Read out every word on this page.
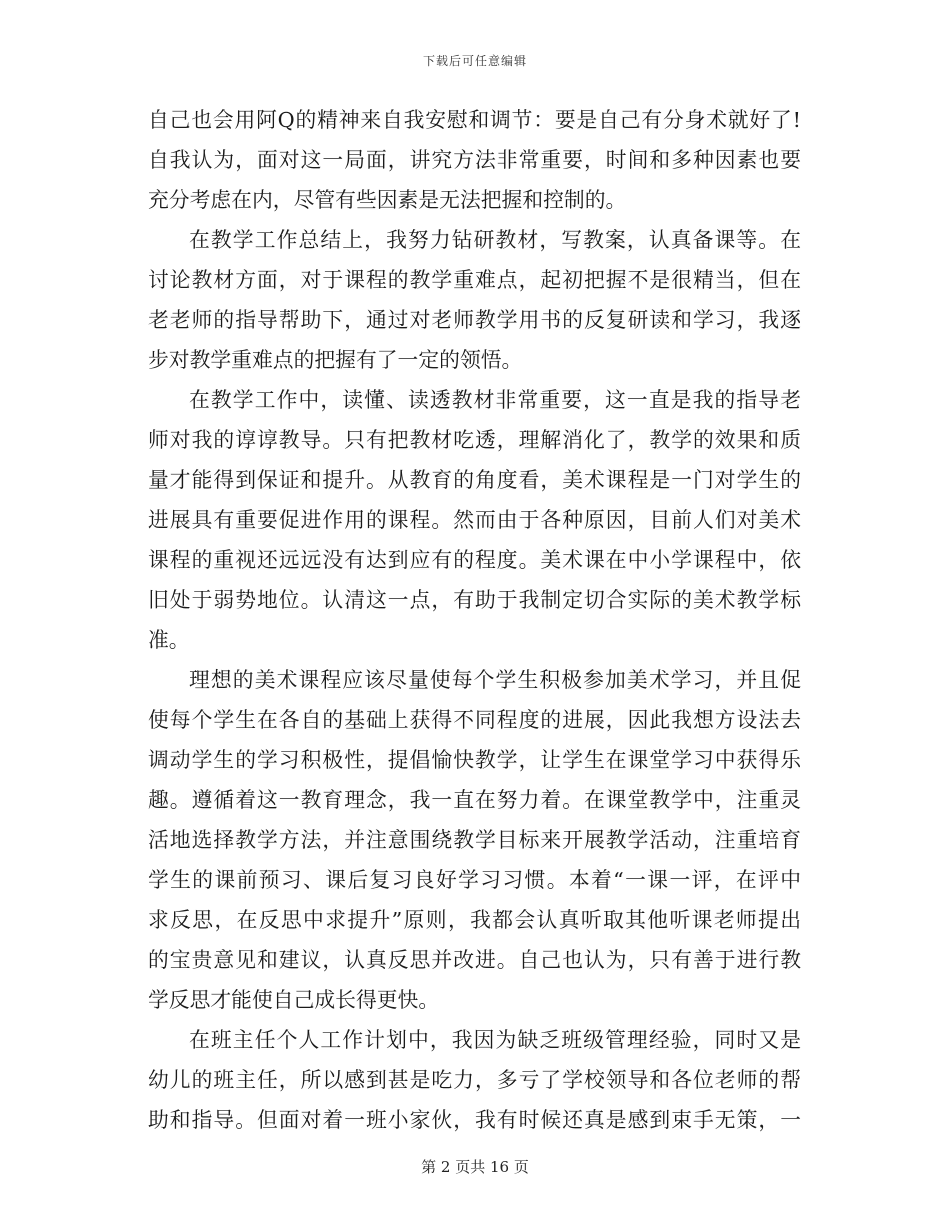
下载后可任意编辑
自己也会用阿Q的精神来自我安慰和调节：要是自己有分身术就好了!
自我认为，面对这一局面，讲究方法非常重要，时间和多种因素也要
充分考虑在内，尽管有些因素是无法把握和控制的。
在教学工作总结上，我努力钻研教材，写教案，认真备课等。在
讨论教材方面，对于课程的教学重难点，起初把握不是很精当，但在
老老师的指导帮助下，通过对老师教学用书的反复研读和学习，我逐
步对教学重难点的把握有了一定的领悟。
在教学工作中，读懂、读透教材非常重要，这一直是我的指导老
师对我的谆谆教导。只有把教材吃透，理解消化了，教学的效果和质
量才能得到保证和提升。从教育的角度看，美术课程是一门对学生的
进展具有重要促进作用的课程。然而由于各种原因，目前人们对美术
课程的重视还远远没有达到应有的程度。美术课在中小学课程中，依
旧处于弱势地位。认清这一点，有助于我制定切合实际的美术教学标
准。
理想的美术课程应该尽量使每个学生积极参加美术学习，并且促
使每个学生在各自的基础上获得不同程度的进展，因此我想方设法去
调动学生的学习积极性，提倡愉快教学，让学生在课堂学习中获得乐
趣。遵循着这一教育理念，我一直在努力着。在课堂教学中，注重灵
活地选择教学方法，并注意围绕教学目标来开展教学活动，注重培育
学生的课前预习、课后复习良好学习习惯。本着“一课一评，在评中
求反思，在反思中求提升”原则，我都会认真听取其他听课老师提出
的宝贵意见和建议，认真反思并改进。自己也认为，只有善于进行教
学反思才能使自己成长得更快。
在班主任个人工作计划中，我因为缺乏班级管理经验，同时又是
幼儿的班主任，所以感到甚是吃力，多亏了学校领导和各位老师的帮
助和指导。但面对着一班小家伙，我有时候还真是感到束手无策，一
第 2 页共 16 页
